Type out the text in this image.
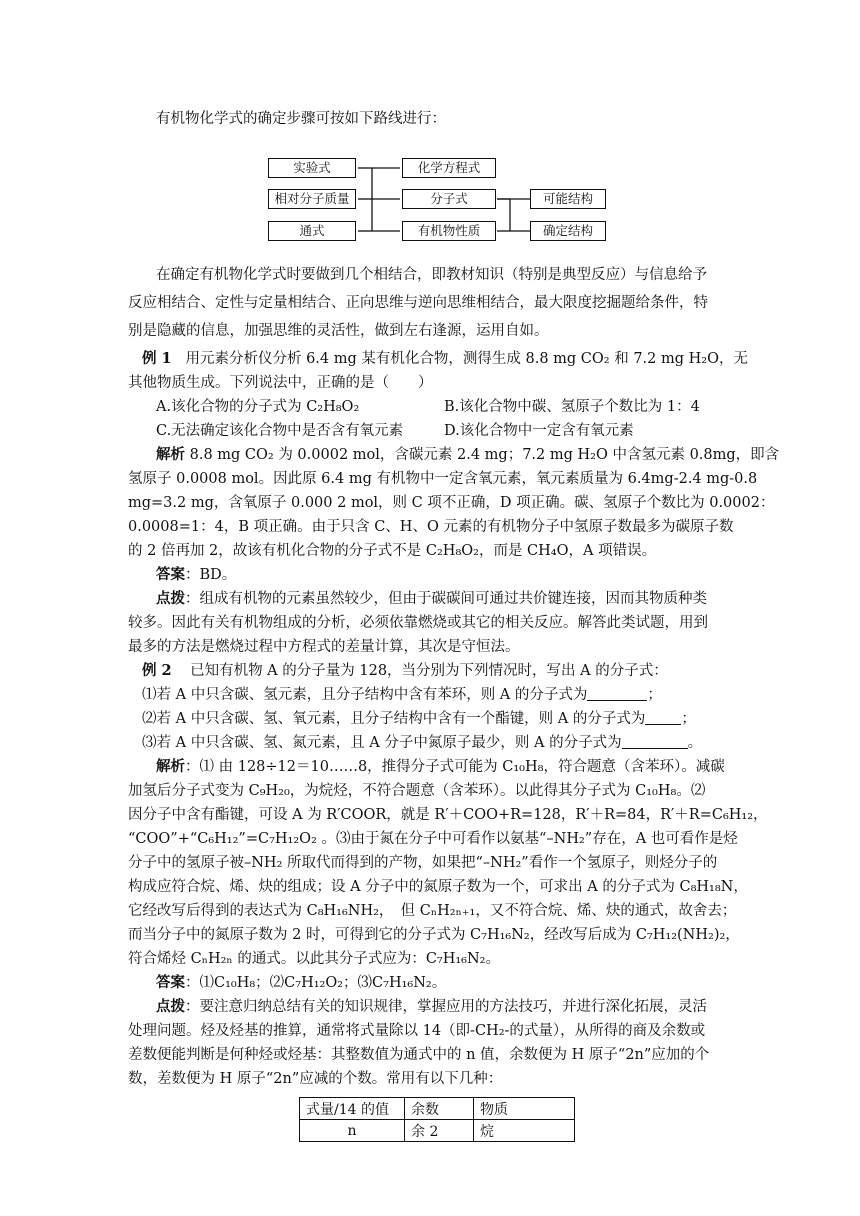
有机物化学式的确定步骤可按如下路线进行：
实验式
相对分子质量
通式
化学方程式
分子式
有机物性质
可能结构
确定结构
在确定有机物化学式时要做到几个相结合，即教材知识（特别是典型反应）与信息给予
反应相结合、定性与定量相结合、正向思维与逆向思维相结合，最大限度挖掘题给条件，特
别是隐藏的信息，加强思维的灵活性，做到左右逢源，运用自如。
例 1 用元素分析仪分析 6.4 mg 某有机化合物，测得生成 8.8 mg CO₂ 和 7.2 mg H₂O，无
其他物质生成。下列说法中，正确的是（　　）
A.该化合物的分子式为 C₂H₈O₂	B.该化合物中碳、氢原子个数比为 1：4
C.无法确定该化合物中是否含有氧元素	D.该化合物中一定含有氧元素
解析 8.8 mg CO₂ 为 0.0002 mol，含碳元素 2.4 mg；7.2 mg H₂O 中含氢元素 0.8mg，即含
氢原子 0.0008 mol。因此原 6.4 mg 有机物中一定含氧元素，氧元素质量为 6.4mg-2.4 mg-0.8
mg=3.2 mg，含氧原子 0.000 2 mol，则 C 项不正确，D 项正确。碳、氢原子个数比为 0.0002：
0.0008=1：4，B 项正确。由于只含 C、H、O 元素的有机物分子中氢原子数最多为碳原子数
的 2 倍再加 2，故该有机化合物的分子式不是 C₂H₈O₂，而是 CH₄O，A 项错误。
答案：BD。
点拨：组成有机物的元素虽然较少，但由于碳碳间可通过共价键连接，因而其物质种类
较多。因此有关有机物组成的分析，必须依靠燃烧或其它的相关反应。解答此类试题，用到
最多的方法是燃烧过程中方程式的差量计算，其次是守恒法。
例 2 已知有机物 A 的分子量为 128，当分别为下列情况时，写出 A 的分子式：
⑴若 A 中只含碳、氢元素，且分子结构中含有苯环，则 A 的分子式为	；
⑵若 A 中只含碳、氢、氧元素，且分子结构中含有一个酯键，则 A 的分子式为 ；
⑶若 A 中只含碳、氢、氮元素，且 A 分子中氮原子最少，则 A 的分子式为	。
解析：⑴ 由 128÷12＝10……8，推得分子式可能为 C₁₀H₈，符合题意（含苯环）。减碳
加氢后分子式变为 C₉H₂₀，为烷烃，不符合题意（含苯环）。以此得其分子式为 C₁₀H₈。⑵
因分子中含有酯键，可设 A 为 R′COOR，就是 R′＋COO+R=128，R′＋R=84，R′＋R=C₆H₁₂，
“COO”+“C₆H₁₂”=C₇H₁₂O₂ 。⑶由于氮在分子中可看作以氨基“–NH₂”存在，A 也可看作是烃
分子中的氢原子被–NH₂ 所取代而得到的产物，如果把“–NH₂”看作一个氢原子，则烃分子的
构成应符合烷、烯、炔的组成；设 A 分子中的氮原子数为一个，可求出 A 的分子式为 C₈H₁₈N，
它经改写后得到的表达式为 C₈H₁₆NH₂，　但 CₙH₂ₙ₊₁，又不符合烷、烯、炔的通式，故舍去；
而当分子中的氮原子数为 2 时，可得到它的分子式为 C₇H₁₆N₂，经改写后成为 C₇H₁₂(NH₂)₂，
符合烯烃 CₙH₂ₙ 的通式。以此其分子式应为：C₇H₁₆N₂。
答案：⑴C₁₀H₈；⑵C₇H₁₂O₂；⑶C₇H₁₆N₂。
点拨：要注意归纳总结有关的知识规律，掌握应用的方法技巧，并进行深化拓展，灵活
处理问题。烃及烃基的推算，通常将式量除以 14（即-CH₂-的式量），从所得的商及余数或
差数便能判断是何种烃或烃基：其整数值为通式中的 n 值，余数便为 H 原子“2n”应加的个
数，差数便为 H 原子“2n”应减的个数。常用有以下几种：
式量/14 的值	余数	物质
n	余 2	烷
